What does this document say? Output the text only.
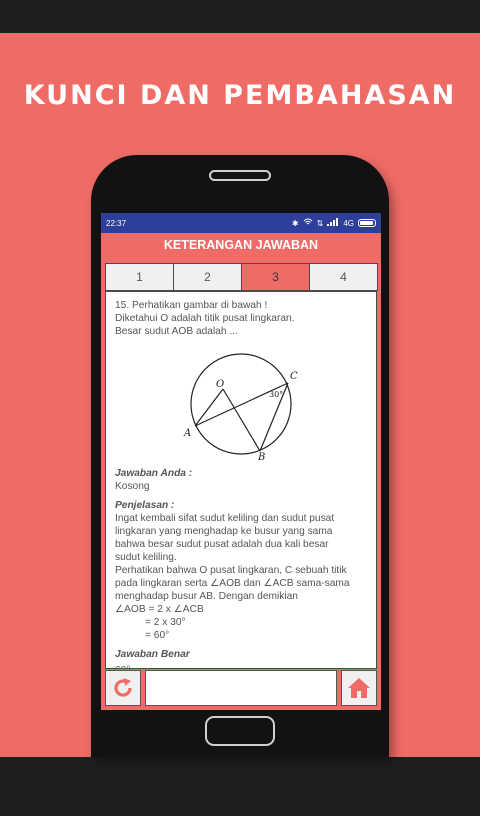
KUNCI DAN PEMBAHASAN
22:37	✱ ⇅	4G
KETERANGAN JAWABAN
1	2	3	4
15. Perhatikan gambar di bawah !
Diketahui O adalah titik pusat lingkaran.
Besar sudut AOB adalah ...
O
A
B
C
30°
Jawaban Anda :
Kosong
Penjelasan :
Ingat kembali sifat sudut keliling dan sudut pusat
lingkaran yang menghadap ke busur yang sama
bahwa besar sudut pusat adalah dua kali besar
sudut keliling.
Perhatikan bahwa O pusat lingkaran, C sebuah titik
pada lingkaran serta ∠AOB dan ∠ACB sama-sama
menghadap busur AB. Dengan demikian
∠AOB = 2 x ∠ACB
= 2 x 30°
= 60°
Jawaban Benar
